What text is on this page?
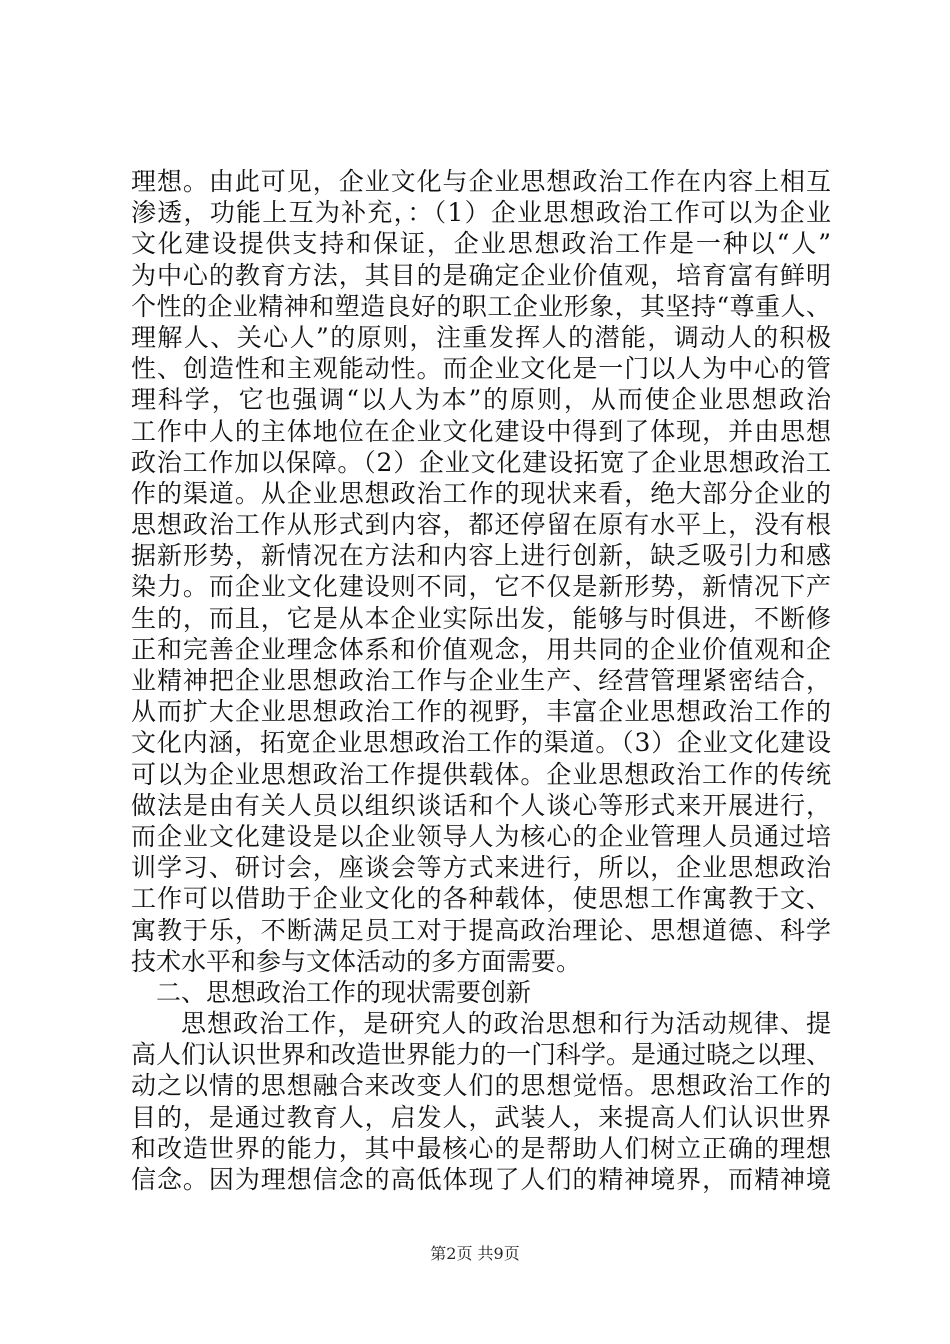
理想。由此可见，企业文化与企业思想政治工作在内容上相互
渗透，功能上互为补充，：（1）企业思想政治工作可以为企业
文化建设提供支持和保证，企业思想政治工作是一种以“人”
为中心的教育方法，其目的是确定企业价值观，培育富有鲜明
个性的企业精神和塑造良好的职工企业形象，其坚持“尊重人、
理解人、关心人”的原则，注重发挥人的潜能，调动人的积极
性、创造性和主观能动性。而企业文化是一门以人为中心的管
理科学，它也强调“以人为本”的原则，从而使企业思想政治
工作中人的主体地位在企业文化建设中得到了体现，并由思想
政治工作加以保障。（2）企业文化建设拓宽了企业思想政治工
作的渠道。从企业思想政治工作的现状来看，绝大部分企业的
思想政治工作从形式到内容，都还停留在原有水平上，没有根
据新形势，新情况在方法和内容上进行创新，缺乏吸引力和感
染力。而企业文化建设则不同，它不仅是新形势，新情况下产
生的，而且，它是从本企业实际出发，能够与时俱进，不断修
正和完善企业理念体系和价值观念，用共同的企业价值观和企
业精神把企业思想政治工作与企业生产、经营管理紧密结合，
从而扩大企业思想政治工作的视野，丰富企业思想政治工作的
文化内涵，拓宽企业思想政治工作的渠道。（3）企业文化建设
可以为企业思想政治工作提供载体。企业思想政治工作的传统
做法是由有关人员以组织谈话和个人谈心等形式来开展进行，
而企业文化建设是以企业领导人为核心的企业管理人员通过培
训学习、研讨会，座谈会等方式来进行，所以，企业思想政治
工作可以借助于企业文化的各种载体，使思想工作寓教于文、
寓教于乐，不断满足员工对于提高政治理论、思想道德、科学
技术水平和参与文体活动的多方面需要。
二、思想政治工作的现状需要创新
思想政治工作，是研究人的政治思想和行为活动规律、提
高人们认识世界和改造世界能力的一门科学。是通过晓之以理、
动之以情的思想融合来改变人们的思想觉悟。思想政治工作的
目的，是通过教育人，启发人，武装人，来提高人们认识世界
和改造世界的能力，其中最核心的是帮助人们树立正确的理想
信念。因为理想信念的高低体现了人们的精神境界，而精神境
第2页 共9页
